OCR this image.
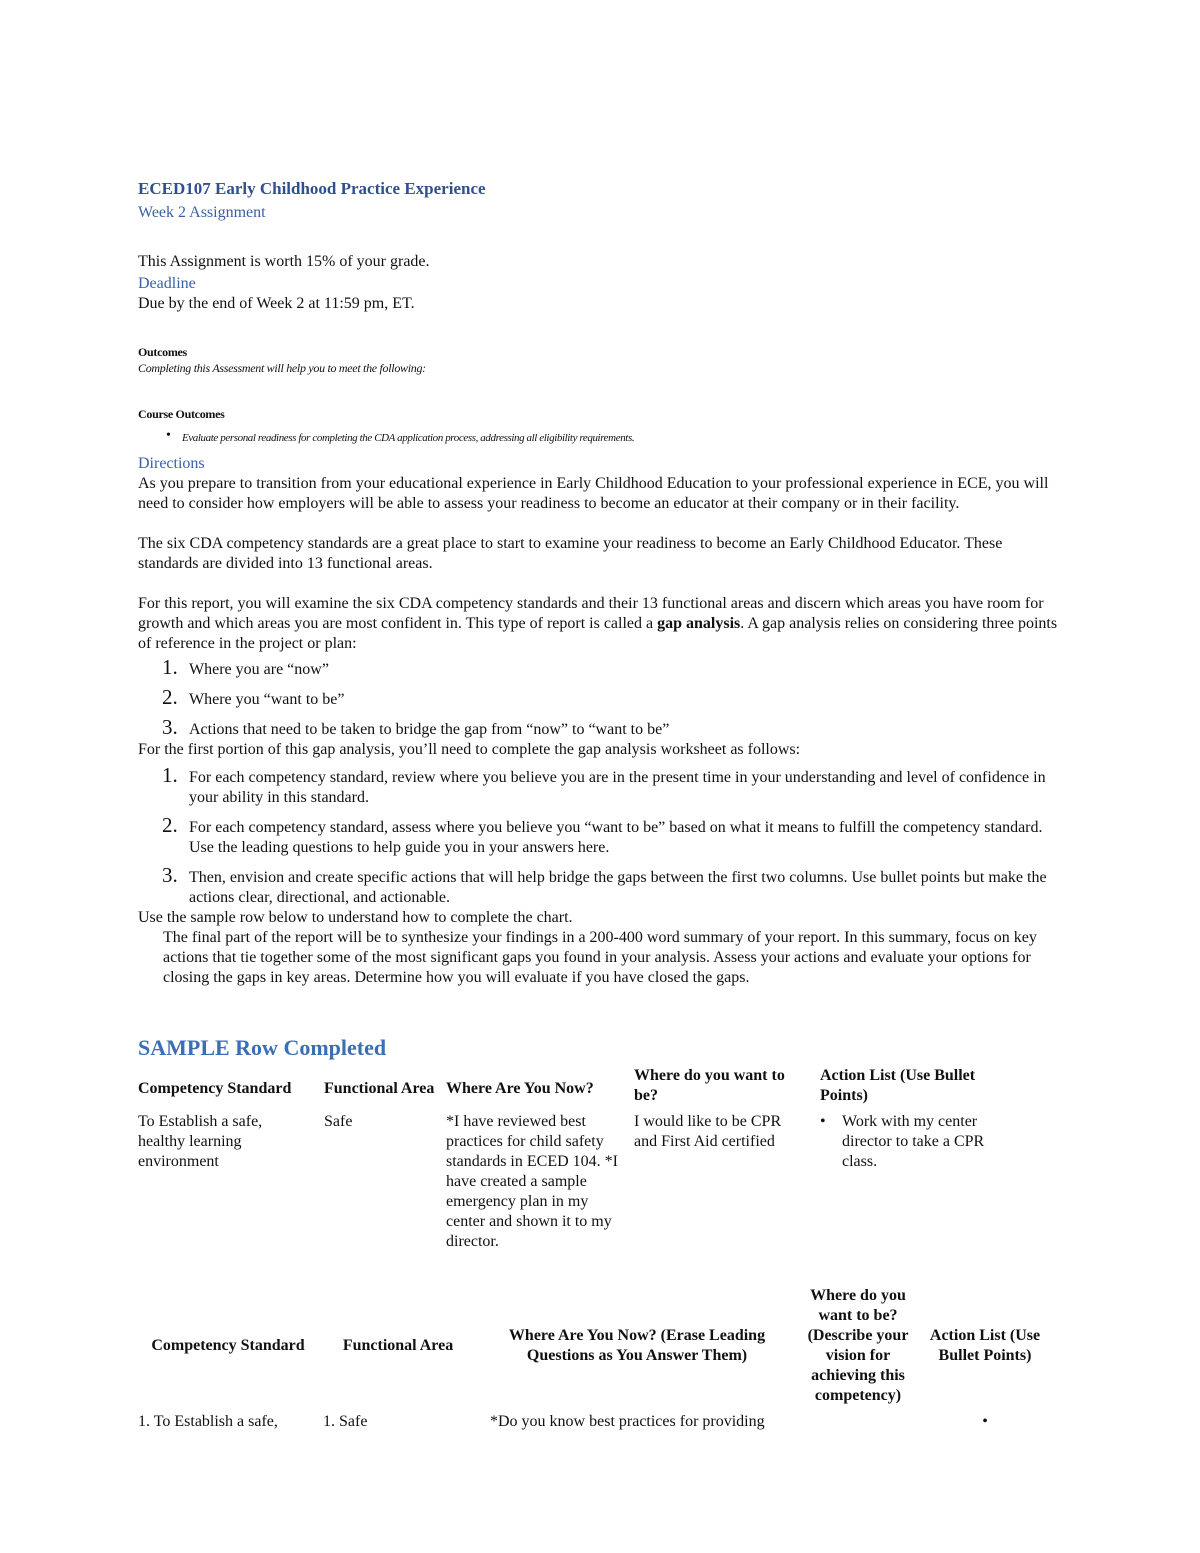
ECED107 Early Childhood Practice Experience

Week 2 Assignment

This Assignment is worth 15% of your grade.

Deadline

Due by the end of Week 2 at 11:59 pm, ET.

Outcomes

Completing this Assessment will help you to meet the following:

Course Outcomes

• Evaluate personal readiness for completing the CDA application process, addressing all eligibility requirements.

Directions

As you prepare to transition from your educational experience in Early Childhood Education to your professional experience in ECE, you will need to consider how employers will be able to assess your readiness to become an educator at their company or in their facility.

The six CDA competency standards are a great place to start to examine your readiness to become an Early Childhood Educator. These standards are divided into 13 functional areas.

For this report, you will examine the six CDA competency standards and their 13 functional areas and discern which areas you have room for growth and which areas you are most confident in. This type of report is called a gap analysis. A gap analysis relies on considering three points of reference in the project or plan:

1. Where you are “now”
2. Where you “want to be”
3. Actions that need to be taken to bridge the gap from “now” to “want to be”

For the first portion of this gap analysis, you’ll need to complete the gap analysis worksheet as follows:

1. For each competency standard, review where you believe you are in the present time in your understanding and level of confidence in your ability in this standard.
2. For each competency standard, assess where you believe you “want to be” based on what it means to fulfill the competency standard. Use the leading questions to help guide you in your answers here.
3. Then, envision and create specific actions that will help bridge the gaps between the first two columns. Use bullet points but make the actions clear, directional, and actionable.

Use the sample row below to understand how to complete the chart.

The final part of the report will be to synthesize your findings in a 200-400 word summary of your report. In this summary, focus on key actions that tie together some of the most significant gaps you found in your analysis. Assess your actions and evaluate your options for closing the gaps in key areas. Determine how you will evaluate if you have closed the gaps.

SAMPLE Row Completed

Competency Standard	Functional Area	Where Are You Now?	Where do you want to be?	Action List (Use Bullet Points)
To Establish a safe, healthy learning environment	Safe	*I have reviewed best practices for child safety standards in ECED 104. *I have created a sample emergency plan in my center and shown it to my director.	I would like to be CPR and First Aid certified	• Work with my center director to take a CPR class.
Competency Standard	Functional Area	Where Are You Now? (Erase Leading Questions as You Answer Them)	Where do you want to be? (Describe your vision for achieving this competency)	Action List (Use Bullet Points)
1. To Establish a safe,	1. Safe	*Do you know best practices for providing		•
